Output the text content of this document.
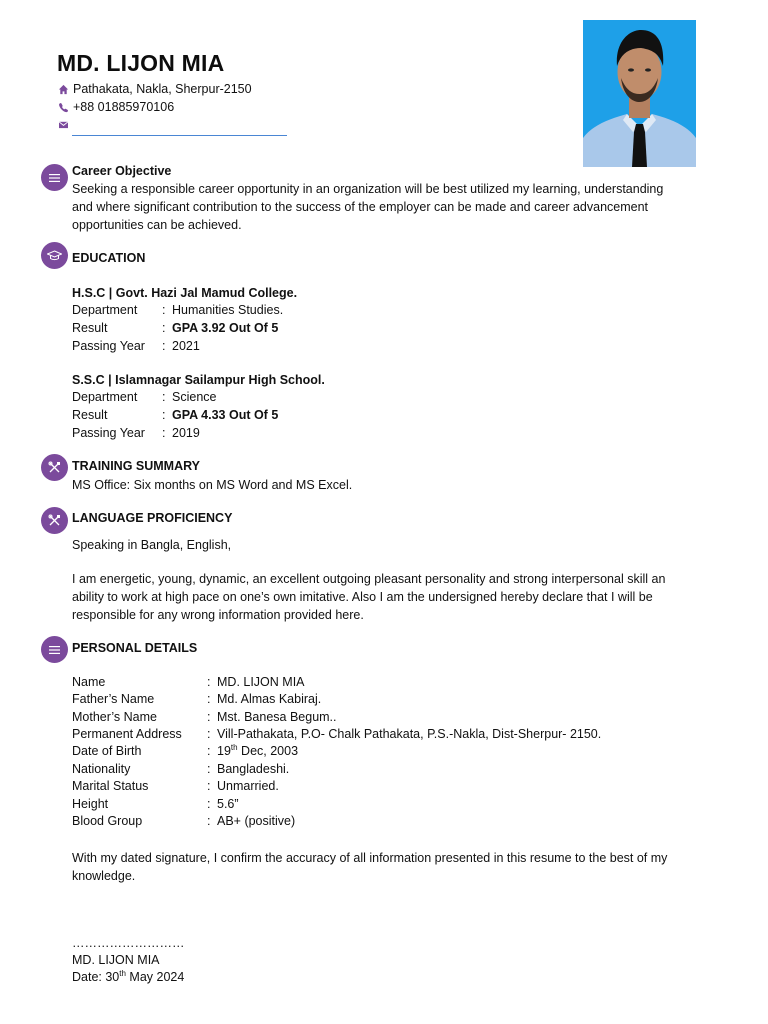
MD. LIJON MIA
Pathakata, Nakla, Sherpur-2150
+88 01885970106
Career Objective
Seeking a responsible career opportunity in an organization will be best utilized my learning, understanding
and where significant contribution to the success of the employer can be made and career advancement
opportunities can be achieved.
EDUCATION
H.S.C | Govt. Hazi Jal Mamud College.
Department	: Humanities Studies.
Result	: GPA 3.92 Out Of 5
Passing Year	: 2021
S.S.C | Islamnagar Sailampur High School.
Department	: Science
Result	: GPA 4.33 Out Of 5
Passing Year	: 2019
TRAINING SUMMARY
MS Office: Six months on MS Word and MS Excel.
LANGUAGE PROFICIENCY
Speaking in Bangla, English,
I am energetic, young, dynamic, an excellent outgoing pleasant personality and strong interpersonal skill an
ability to work at high pace on one’s own imitative. Also I am the undersigned hereby declare that I will be
responsible for any wrong information provided here.
PERSONAL DETAILS
Name	: MD. LIJON MIA
Father’s Name	: Md. Almas Kabiraj.
Mother’s Name	: Mst. Banesa Begum..
Permanent Address	: Vill-Pathakata, P.O- Chalk Pathakata, P.S.-Nakla, Dist-Sherpur- 2150.
Date of Birth	: 19th Dec, 2003
Nationality	: Bangladeshi.
Marital Status	: Unmarried.
Height	: 5.6”
Blood Group	: AB+ (positive)
With my dated signature, I confirm the accuracy of all information presented in this resume to the best of my
knowledge.
………………………
MD. LIJON MIA
Date: 30th May 2024
